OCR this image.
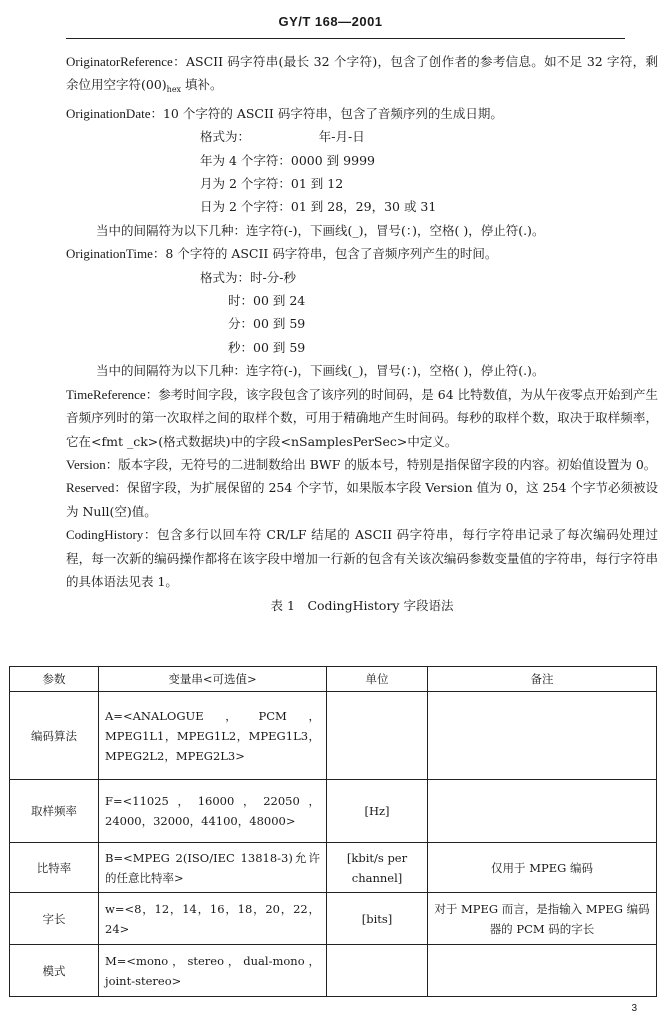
GY/T 168—2001

OriginatorReference：ASCII 码字符串(最长 32 个字符)，包含了创作者的参考信息。如不足 32 字符，剩余位用空字符$(00)_{hex}$ 填补。

OriginationDate：10 个字符的 ASCII 码字符串，包含了音频序列的生成日期。

格式为：　　　　　　年-月-日

年为 4 个字符：0000 到 9999

月为 2 个字符：01 到 12

日为 2 个字符：01 到 28，29，30 或 31

当中的间隔符为以下几种：连字符(-)，下画线(_)，冒号(：)，空格( )，停止符(.)。

OriginationTime：8 个字符的 ASCII 码字符串，包含了音频序列产生的时间。

格式为：时-分-秒

时：00 到 24

分：00 到 59

秒：00 到 59

当中的间隔符为以下几种：连字符(-)，下画线(_)，冒号(：)，空格( )，停止符(.)。

TimeReference：参考时间字段，该字段包含了该序列的时间码，是 64 比特数值，为从午夜零点开始到产生音频序列时的第一次取样之间的取样个数，可用于精确地产生时间码。每秒的取样个数，取决于取样频率，它在<fmt _ck>(格式数据块)中的字段<nSamplesPerSec>中定义。

Version：版本字段，无符号的二进制数给出 BWF 的版本号，特别是指保留字段的内容。初始值设置为 0。

Reserved：保留字段，为扩展保留的 254 个字节，如果版本字段 Version 值为 0，这 254 个字节必须被设为 Null(空)值。

CodingHistory：包含多行以回车符 CR/LF 结尾的 ASCII 码字符串，每行字符串记录了每次编码处理过程，每一次新的编码操作都将在该字段中增加一行新的包含有关该次编码参数变量值的字符串，每行字符串的具体语法见表 1。

表 1　CodingHistory 字段语法

参数	变量串<可选值>	单位	备注
编码算法	A=<ANALOGUE，PCM，MPEG1L1，MPEG1L2，MPEG1L3，MPEG2L2，MPEG2L3>		
取样频率	F=<11025，16000，22050，24000，32000，44100，48000>	[Hz]	
比特率	B=<MPEG 2(ISO/IEC 13818-3)允许的任意比特率>	[kbit/s per channel]	仅用于 MPEG 编码
字长	w=<8，12，14，16，18，20，22，24>	[bits]	对于 MPEG 而言，是指输入 MPEG 编码器的 PCM 码的字长
模式	M=<mono，stereo，dual-mono，joint-stereo>		
3
